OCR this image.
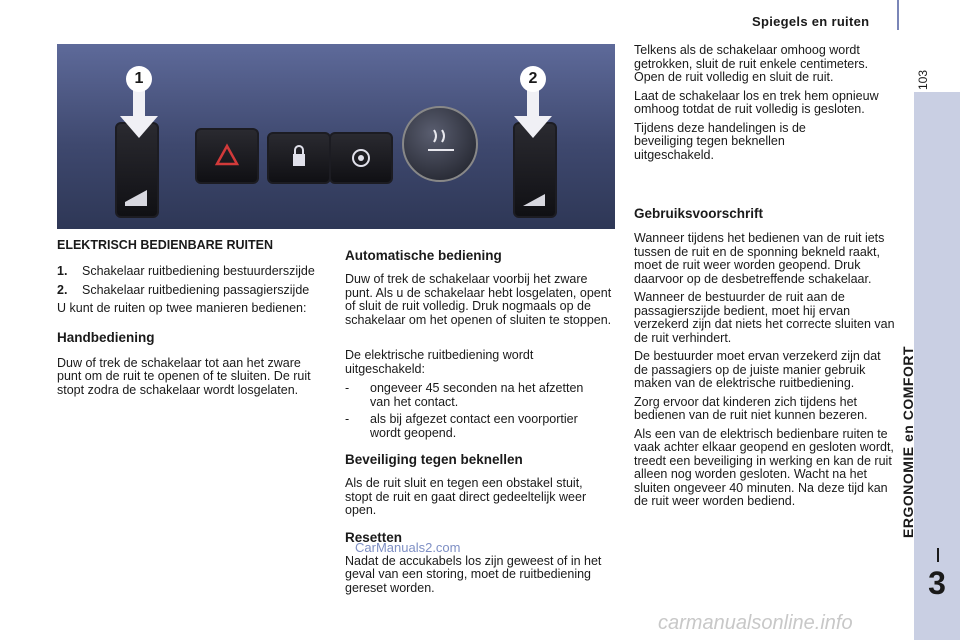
Spiegels en ruiten
103
ERGONOMIE en COMFORT
3
1	2
ELEKTRISCH BEDIENBARE RUITEN
1.	Schakelaar ruitbediening bestuurderszijde
2.	Schakelaar ruitbediening passagierszijde

U kunt de ruiten op twee manieren bedienen:

Handbediening

Duw of trek de schakelaar tot aan het zware punt om de ruit te openen of te sluiten. De ruit stopt zodra de schakelaar wordt losgelaten.

Automatische bediening

Duw of trek de schakelaar voorbij het zware punt. Als u de schakelaar hebt losgelaten, opent of sluit de ruit volledig. Druk nogmaals op de schakelaar om het openen of sluiten te stoppen.

De elektrische ruitbediening wordt uitgeschakeld:

-	ongeveer 45 seconden na het afzetten van het contact.
-	als bij afgezet contact een voorportier wordt geopend.
Beveiliging tegen beknellen

Als de ruit sluit en tegen een obstakel stuit, stopt de ruit en gaat direct gedeeltelijk weer open.

Resetten

Nadat de accukabels los zijn geweest of in het geval van een storing, moet de ruitbediening gereset worden.

Telkens als de schakelaar omhoog wordt getrokken, sluit de ruit enkele centimeters. Open de ruit volledig en sluit de ruit.

Laat de schakelaar los en trek hem opnieuw omhoog totdat de ruit volledig is gesloten.

Tijdens deze handelingen is de beveiliging tegen beknellen uitgeschakeld.

Gebruiksvoorschrift

Wanneer tijdens het bedienen van de ruit iets tussen de ruit en de sponning bekneld raakt, moet de ruit weer worden geopend. Druk daarvoor op de desbetreffende schakelaar.

Wanneer de bestuurder de ruit aan de passagierszijde bedient, moet hij ervan verzekerd zijn dat niets het correcte sluiten van de ruit verhindert.

De bestuurder moet ervan verzekerd zijn dat de passagiers op de juiste manier gebruik maken van de elektrische ruitbediening.

Zorg ervoor dat kinderen zich tijdens het bedienen van de ruit niet kunnen bezeren.

Als een van de elektrisch bedienbare ruiten te vaak achter elkaar geopend en gesloten wordt, treedt een beveiliging in werking en kan de ruit alleen nog worden gesloten. Wacht na het sluiten ongeveer 40 minuten. Na deze tijd kan de ruit weer worden bediend.

CarManuals2.com
carmanualsonline.info
